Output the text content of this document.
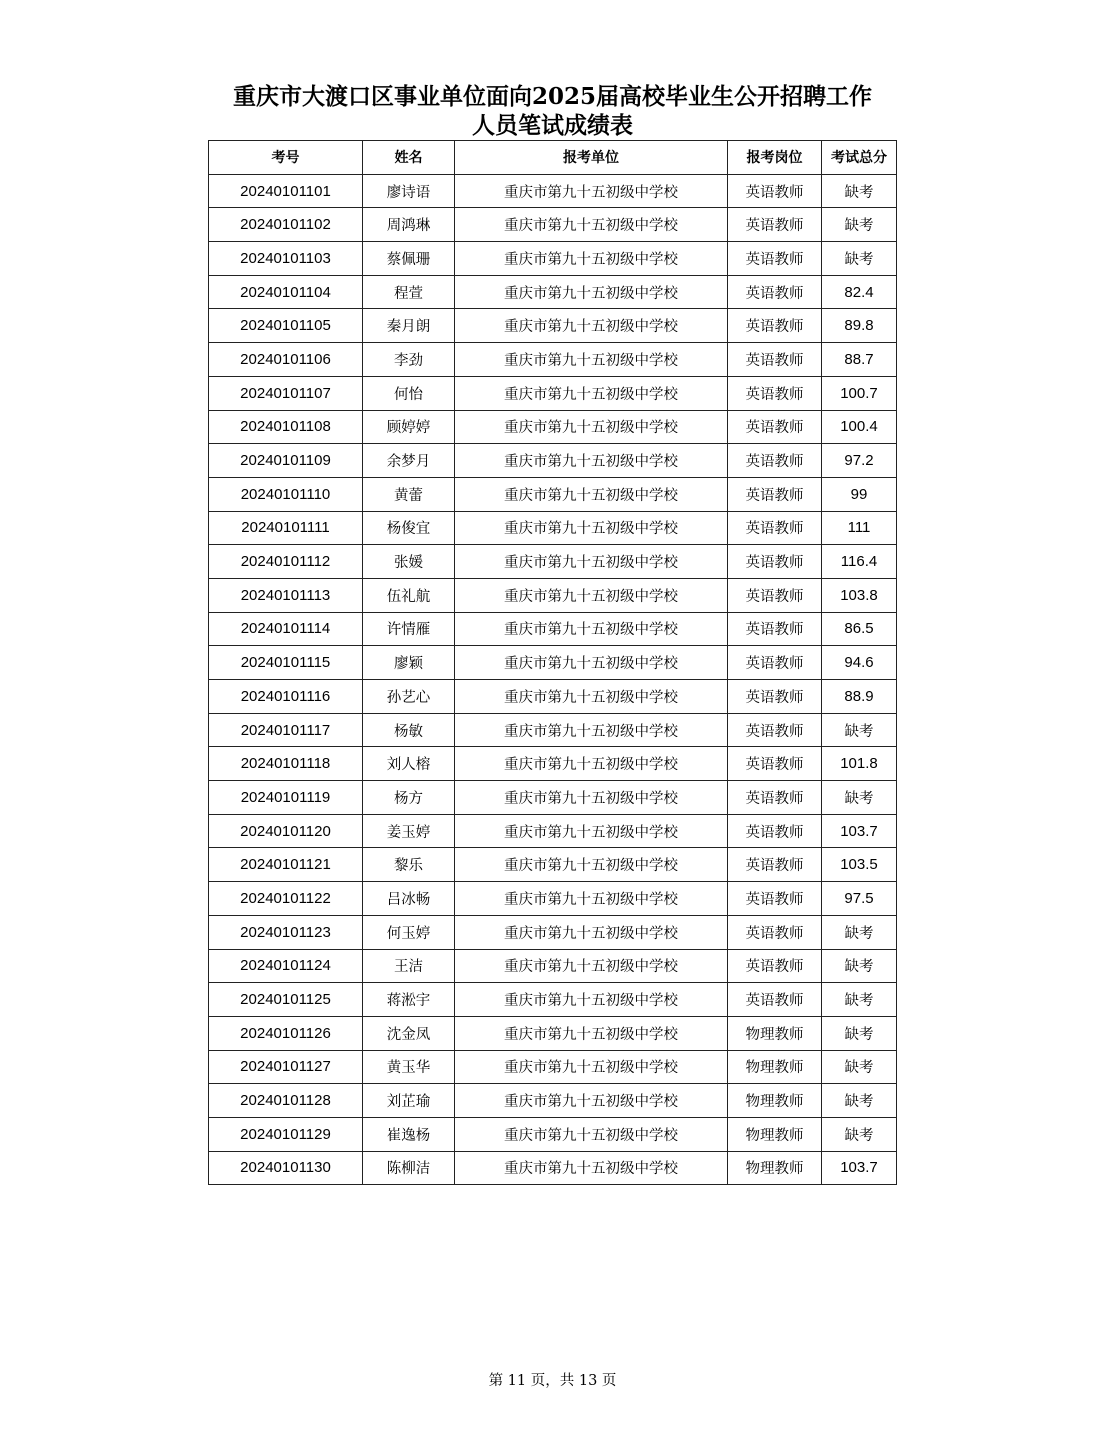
重庆市大渡口区事业单位面向2025届高校毕业生公开招聘工作
人员笔试成绩表
考号	姓名	报考单位	报考岗位	考试总分
20240101101	廖诗语	重庆市第九十五初级中学校	英语教师	缺考
20240101102	周鸿琳	重庆市第九十五初级中学校	英语教师	缺考
20240101103	蔡佩珊	重庆市第九十五初级中学校	英语教师	缺考
20240101104	程萱	重庆市第九十五初级中学校	英语教师	82.4
20240101105	秦月朗	重庆市第九十五初级中学校	英语教师	89.8
20240101106	李劲	重庆市第九十五初级中学校	英语教师	88.7
20240101107	何怡	重庆市第九十五初级中学校	英语教师	100.7
20240101108	顾婷婷	重庆市第九十五初级中学校	英语教师	100.4
20240101109	余梦月	重庆市第九十五初级中学校	英语教师	97.2
20240101110	黄蕾	重庆市第九十五初级中学校	英语教师	99
20240101111	杨俊宜	重庆市第九十五初级中学校	英语教师	111
20240101112	张媛	重庆市第九十五初级中学校	英语教师	116.4
20240101113	伍礼航	重庆市第九十五初级中学校	英语教师	103.8
20240101114	许情雁	重庆市第九十五初级中学校	英语教师	86.5
20240101115	廖颖	重庆市第九十五初级中学校	英语教师	94.6
20240101116	孙艺心	重庆市第九十五初级中学校	英语教师	88.9
20240101117	杨敏	重庆市第九十五初级中学校	英语教师	缺考
20240101118	刘人榕	重庆市第九十五初级中学校	英语教师	101.8
20240101119	杨方	重庆市第九十五初级中学校	英语教师	缺考
20240101120	姜玉婷	重庆市第九十五初级中学校	英语教师	103.7
20240101121	黎乐	重庆市第九十五初级中学校	英语教师	103.5
20240101122	吕冰畅	重庆市第九十五初级中学校	英语教师	97.5
20240101123	何玉婷	重庆市第九十五初级中学校	英语教师	缺考
20240101124	王洁	重庆市第九十五初级中学校	英语教师	缺考
20240101125	蒋淞宇	重庆市第九十五初级中学校	英语教师	缺考
20240101126	沈金凤	重庆市第九十五初级中学校	物理教师	缺考
20240101127	黄玉华	重庆市第九十五初级中学校	物理教师	缺考
20240101128	刘芷瑜	重庆市第九十五初级中学校	物理教师	缺考
20240101129	崔逸杨	重庆市第九十五初级中学校	物理教师	缺考
20240101130	陈柳洁	重庆市第九十五初级中学校	物理教师	103.7
第 11 页，共 13 页
